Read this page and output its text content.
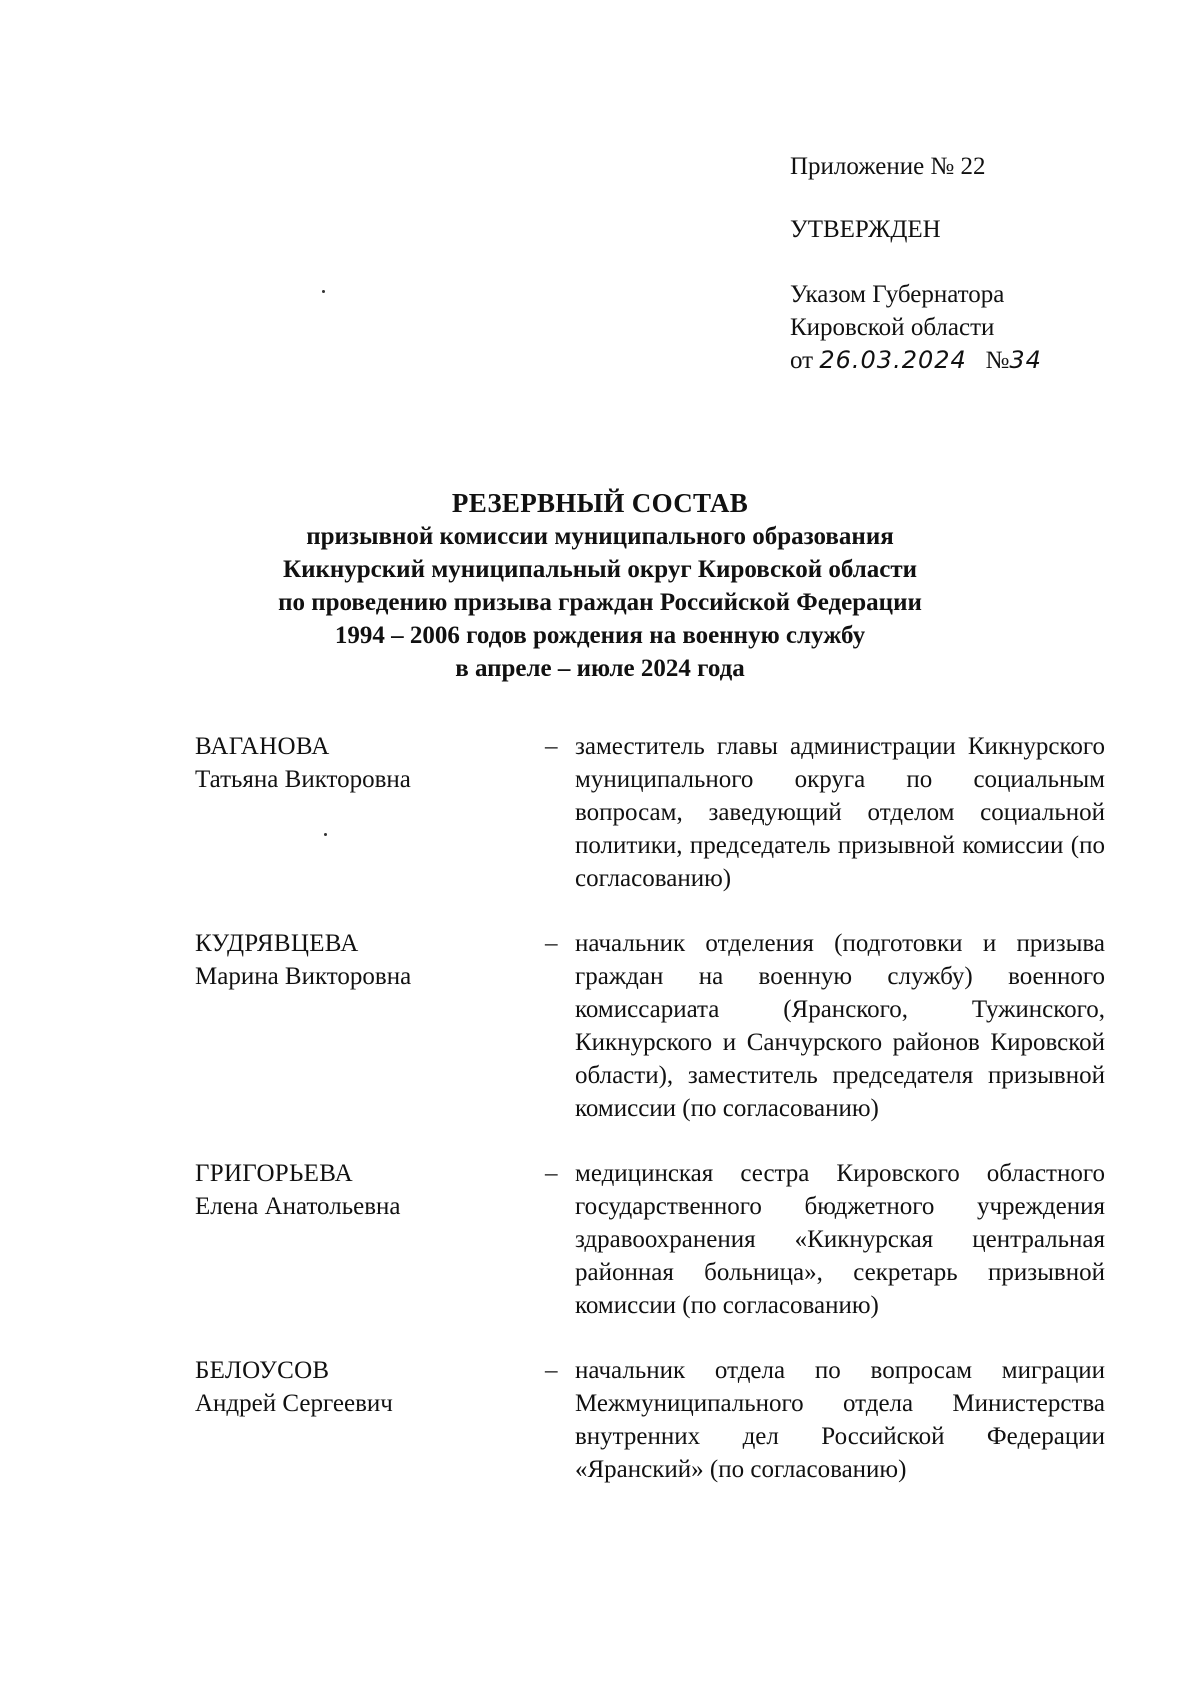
Приложение № 22
УТВЕРЖДЕН
Указом Губернатора
Кировской области
от 26.03.2024 №34
РЕЗЕРВНЫЙ СОСТАВ
призывной комиссии муниципального образования
Кикнурский муниципальный округ Кировской области
по проведению призыва граждан Российской Федерации
1994 – 2006 годов рождения на военную службу
в апреле – июле 2024 года
ВАГАНОВА
Татьяна Викторовна
– заместитель главы администрации Кикнурского муниципального округа по социальным вопросам, заведующий отделом социальной политики, председатель призывной комиссии (по согласованию)
КУДРЯВЦЕВА
Марина Викторовна
– начальник отделения (подготовки и призыва граждан на военную службу) военного комиссариата (Яранского, Тужинского, Кикнурского и Санчурского районов Кировской области), заместитель председателя призывной комиссии (по согласованию)
ГРИГОРЬЕВА
Елена Анатольевна
– медицинская сестра Кировского областного государственного бюджетного учреждения здравоохранения «Кикнурская центральная районная больница», секретарь призывной комиссии (по согласованию)
БЕЛОУСОВ
Андрей Сергеевич
– начальник отдела по вопросам миграции Межмуниципального отдела Министерства внутренних дел Российской Федерации «Яранский» (по согласованию)
